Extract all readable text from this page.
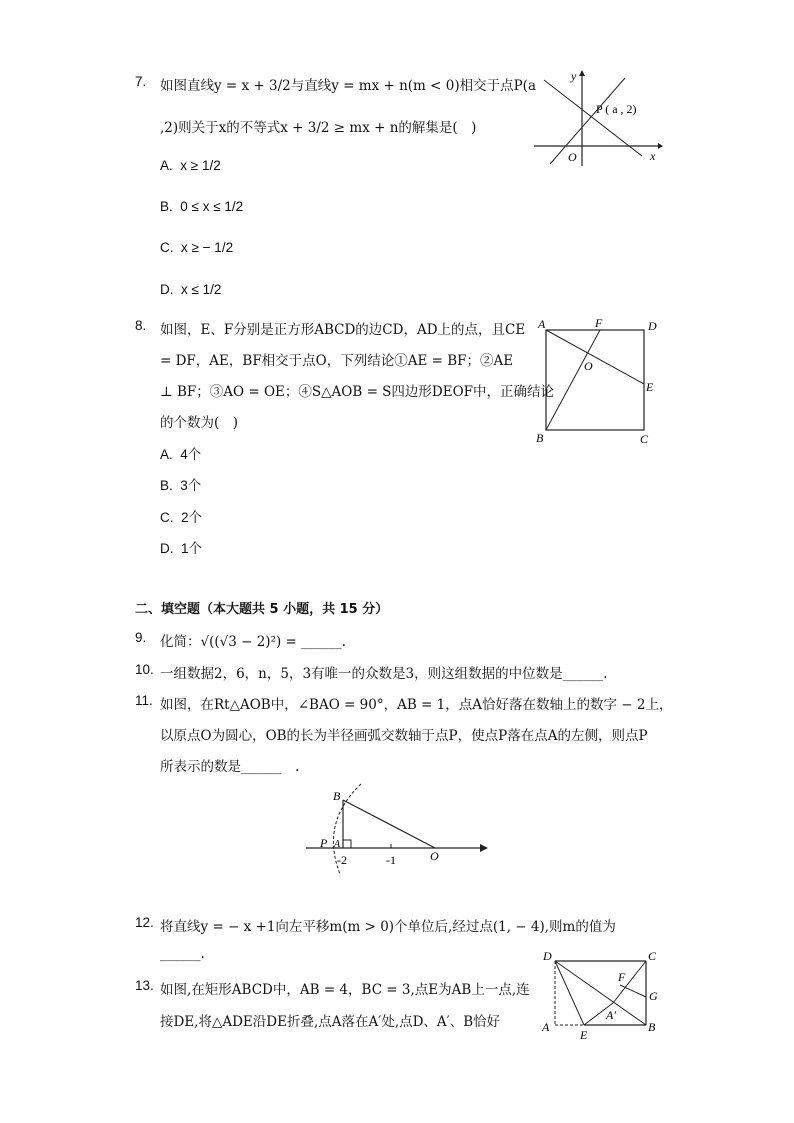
7. 如图直线y = x + 3/2与直线y = mx + n(m < 0)相交于点P(a
,2)则关于x的不等式x + 3/2 ≥ mx + n的解集是(　)
A. x ≥ 1/2
B. 0 ≤ x ≤ 1/2
C. x ≥ − 1/2
D. x ≤ 1/2
y
x
O
P ( a , 2)
8. 如图，E、F分别是正方形ABCD的边CD，AD上的点，且CE
= DF，AE，BF相交于点O，下列结论①AE = BF；②AE
⊥ BF；③AO = OE；④S△AOB = S四边形DEOF中，正确结论
的个数为(　)
A. 4个
B. 3个
C. 2个
D. 1个
A	F	D
O
E
B	C
二、填空题（本大题共 5 小题，共 15 分）
9. 化简：√((√3 − 2)²) = ______.
10. 一组数据2，6，n，5，3有唯一的众数是3，则这组数据的中位数是______.
11. 如图，在Rt△AOB中，∠BAO = 90°，AB = 1，点A恰好落在数轴上的数字 − 2上，
以原点O为圆心，OB的长为半径画弧交数轴于点P，使点P落在点A的左侧，则点P
所表示的数是______　.
B
P A
O
-2	-1
12. 将直线y = − x +1向左平移m(m > 0)个单位后,经过点(1, − 4),则m的值为
______.
13. 如图,在矩形ABCD中，AB = 4，BC = 3,点E为AB上一点,连
接DE,将△ADE沿DE折叠,点A落在A′处,点D、A′、B恰好
D	C
F
G
A
A′
B
E
